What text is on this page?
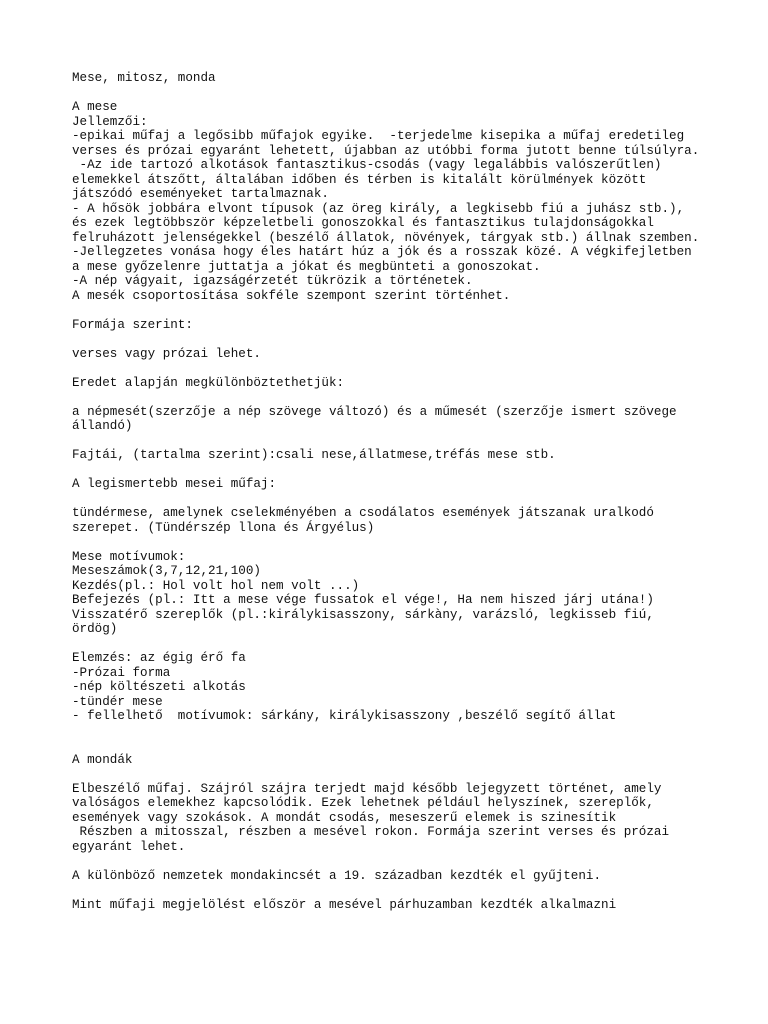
Mese, mitosz, monda
A mese
Jellemzői:
-epikai műfaj a legősibb műfajok egyike.  -terjedelme kisepika a műfaj eredetileg
verses és prózai egyaránt lehetett, újabban az utóbbi forma jutott benne túlsúlyra.
-Az ide tartozó alkotások fantasztikus-csodás (vagy legalábbis valószerűtlen)
elemekkel átszőtt, általában időben és térben is kitalált körülmények között
játszódó eseményeket tartalmaznak.
- A hősök jobbára elvont típusok (az öreg király, a legkisebb fiú a juhász stb.),
és ezek legtöbbször képzeletbeli gonoszokkal és fantasztikus tulajdonságokkal
felruházott jelenségekkel (beszélő állatok, növények, tárgyak stb.) állnak szemben.
-Jellegzetes vonása hogy éles határt húz a jók és a rosszak közé. A végkifejletben
a mese győzelenre juttatja a jókat és megbünteti a gonoszokat.
-A nép vágyait, igazságérzetét tükrözik a történetek.
A mesék csoportosítása sokféle szempont szerint történhet.
Formája szerint:
verses vagy prózai lehet.
Eredet alapján megkülönböztethetjük:
a népmesét(szerzője a nép szövege változó) és a műmesét (szerzője ismert szövege
állandó)
Fajtái, (tartalma szerint):csali nese,állatmese,tréfás mese stb.
A legismertebb mesei műfaj:
tündérmese, amelynek cselekményében a csodálatos események játszanak uralkodó
szerepet. (Tündérszép llona és Árgyélus)
Mese motívumok:
Meseszámok(3,7,12,21,100)
Kezdés(pl.: Hol volt hol nem volt ...)
Befejezés (pl.: Itt a mese vége fussatok el vége!, Ha nem hiszed járj utána!)
Visszatérő szereplők (pl.:királykisasszony, sárkàny, varázsló, legkisseb fiú,
ördög)
Elemzés: az égig érő fa
-Prózai forma
-nép költészeti alkotás
-tündér mese
- fellelhető  motívumok: sárkány, királykisasszony ,beszélő segítő állat
A mondák
Elbeszélő műfaj. Szájról szájra terjedt majd később lejegyzett történet, amely
valóságos elemekhez kapcsolódik. Ezek lehetnek például helyszínek, szereplők,
események vagy szokások. A mondát csodás, meseszerű elemek is szinesítik
Részben a mitosszal, részben a mesével rokon. Formája szerint verses és prózai
egyaránt lehet.
A különböző nemzetek mondakincsét a 19. században kezdték el gyűjteni.
Mint műfaji megjelölést először a mesével párhuzamban kezdték alkalmazni
